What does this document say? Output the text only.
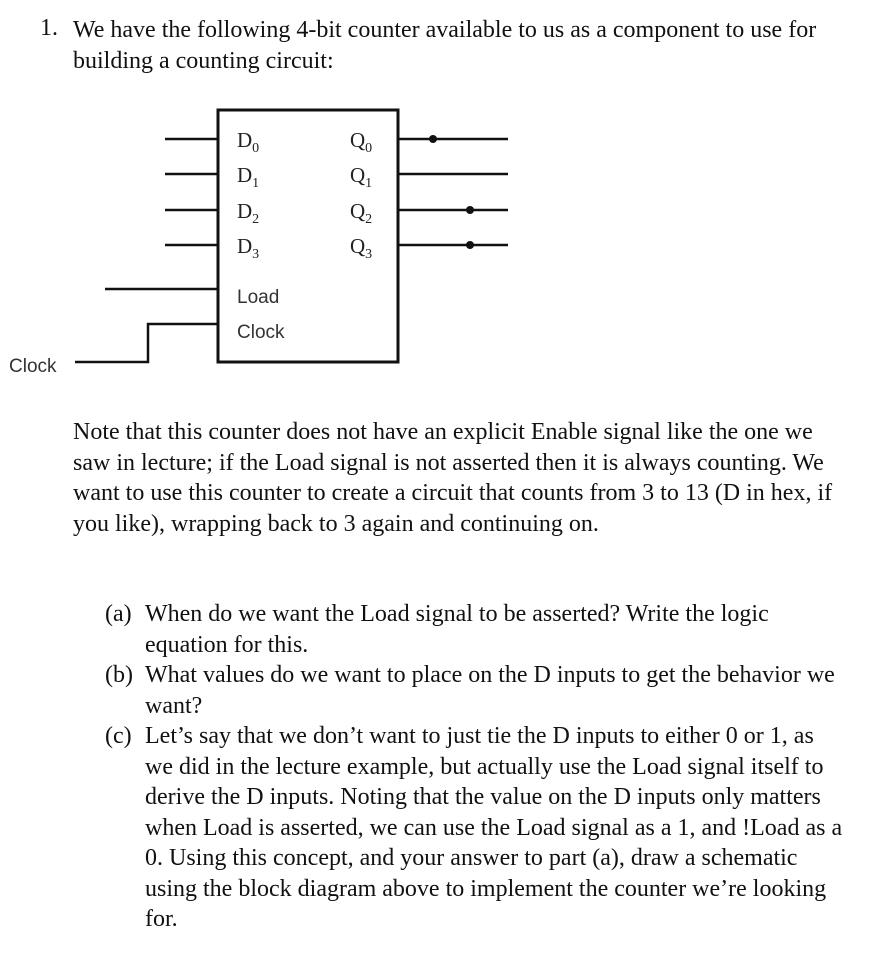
1. We have the following 4-bit counter available to us as a component to use for building a counting circuit:

$D_0$
$D_1$
$D_2$
$D_3$
$Q_0$
$Q_1$
$Q_2$
$Q_3$
Load
Clock
Clock

Note that this counter does not have an explicit Enable signal like the one we saw in lecture; if the Load signal is not asserted then it is always counting. We want to use this counter to create a circuit that counts from 3 to 13 (D in hex, if you like), wrapping back to 3 again and continuing on.

(a) When do we want the Load signal to be asserted? Write the logic equation for this.
(b) What values do we want to place on the D inputs to get the behavior we want?
(c) Let’s say that we don’t want to just tie the D inputs to either 0 or 1, as we did in the lecture example, but actually use the Load signal itself to derive the D inputs. Noting that the value on the D inputs only matters when Load is asserted, we can use the Load signal as a 1, and !Load as a 0. Using this concept, and your answer to part (a), draw a schematic using the block diagram above to implement the counter we’re looking for.
